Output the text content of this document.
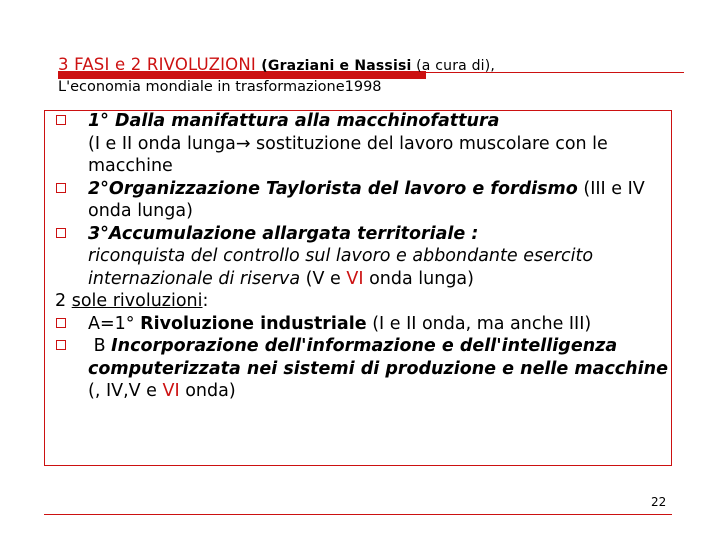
3 FASI e 2 RIVOLUZIONI (Graziani e Nassisi (a cura di),
L'economia mondiale in trasformazione1998
1° Dalla manifattura alla macchinofattura
(I e II onda lunga→ sostituzione del lavoro muscolare con le macchine
2°Organizzazione Taylorista del lavoro e fordismo (III e IV onda lunga)
3°Accumulazione allargata territoriale :
riconquista del controllo sul lavoro e abbondante esercito internazionale di riserva (V e VI onda lunga)
2 sole rivoluzioni:
A=1° Rivoluzione industriale (I e II onda, ma anche III)
B Incorporazione dell'informazione e dell'intelligenza computerizzata nei sistemi di produzione e nelle macchine (, IV,V e VI onda)
22
